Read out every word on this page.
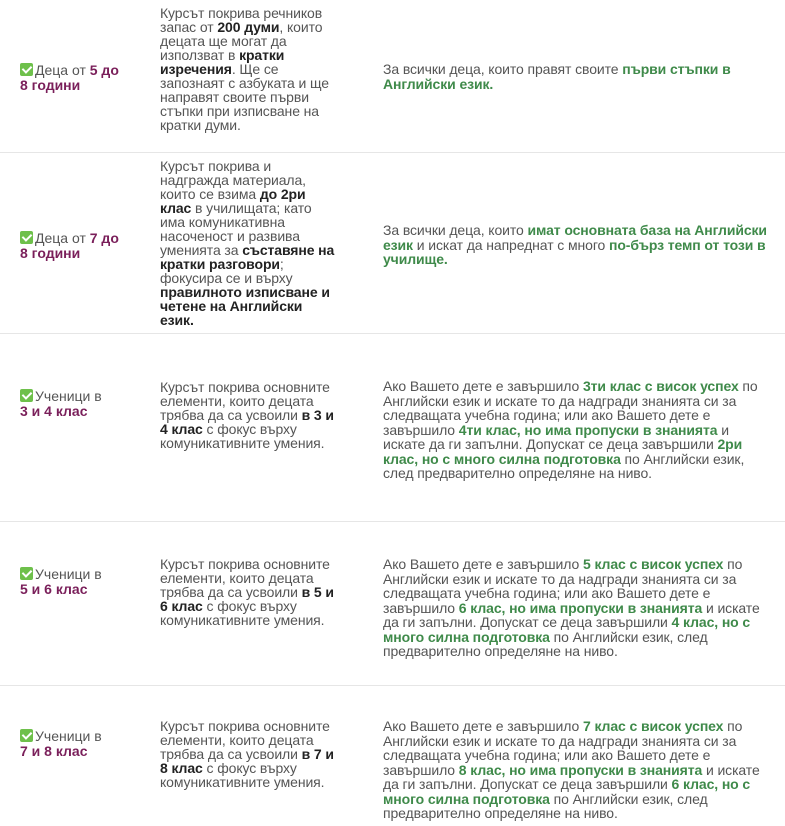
Деца от 5 до 8 години
Курсът покрива речников запас от 200 думи, които децата ще могат да използват в кратки изречения. Ще се запознаят с азбуката и ще направят своите първи стъпки при изписване на кратки думи.
За всички деца, които правят своите първи стъпки в Английски език.
Деца от 7 до 8 години
Курсът покрива и надгражда материала, които се взима до 2ри клас в училищата; като има комуникативна насоченост и развива уменията за съставяне на кратки разговори; фокусира се и върху правилното изписване и четене на Английски език.
За всички деца, които имат основната база на Английски език и искат да напреднат с много по-бърз темп от този в училище.
Ученици в
3 и 4 клас
Курсът покрива основните елементи, които децата трябва да са усвоили в 3 и 4 клас с фокус върху комуникативните умения.
Ако Вашето дете е завършило 3ти клас с висок успех по Английски език и искате то да надгради знанията си за следващата учебна година; или ако Вашето дете е завършило 4ти клас, но има пропуски в знанията и искате да ги запълни. Допускат се деца завършили 2ри клас, но с много силна подготовка по Английски език, след предварително определяне на ниво.
Ученици в
5 и 6 клас
Курсът покрива основните елементи, които децата трябва да са усвоили в 5 и 6 клас с фокус върху комуникативните умения.
Ако Вашето дете е завършило 5 клас с висок успех по Английски език и искате то да надгради знанията си за следващата учебна година; или ако Вашето дете е завършило 6 клас, но има пропуски в знанията и искате да ги запълни. Допускат се деца завършили 4 клас, но с много силна подготовка по Английски език, след предварително определяне на ниво.
Ученици в
7 и 8 клас
Курсът покрива основните елементи, които децата трябва да са усвоили в 7 и 8 клас с фокус върху комуникативните умения.
Ако Вашето дете е завършило 7 клас с висок успех по Английски език и искате то да надгради знанията си за следващата учебна година; или ако Вашето дете е завършило 8 клас, но има пропуски в знанията и искате да ги запълни. Допускат се деца завършили 6 клас, но с много силна подготовка по Английски език, след предварително определяне на ниво.
